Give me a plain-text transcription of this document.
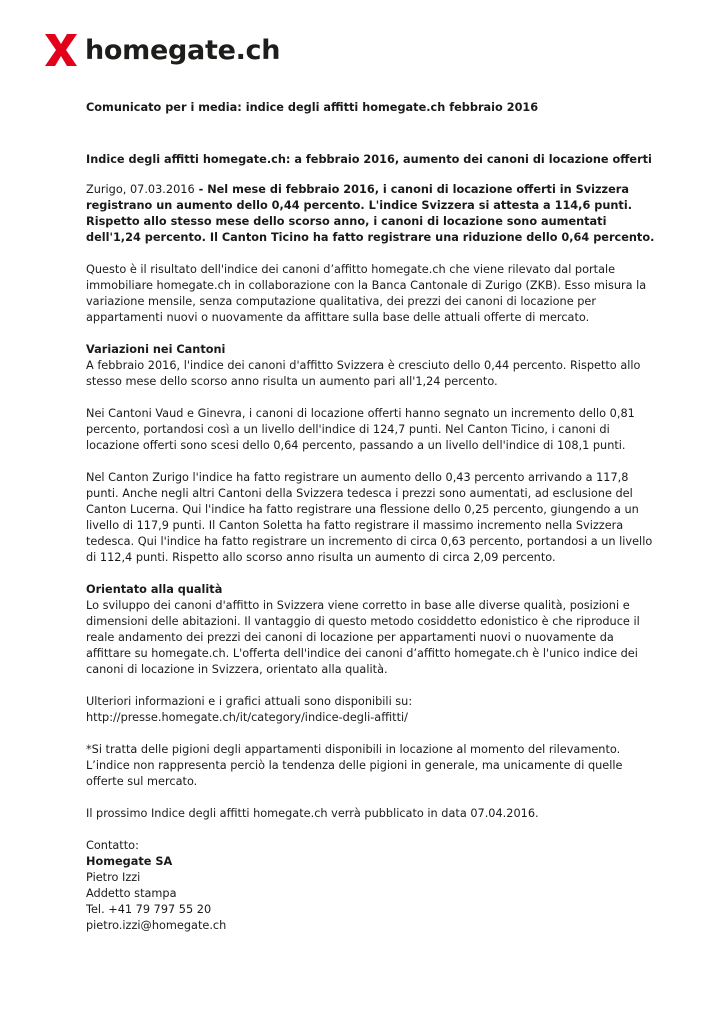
homegate.ch

Comunicato per i media: indice degli affitti homegate.ch febbraio 2016

Indice degli affitti homegate.ch: a febbraio 2016, aumento dei canoni di locazione offerti

Zurigo, 07.03.2016 - Nel mese di febbraio 2016, i canoni di locazione offerti in Svizzera registrano un aumento dello 0,44 percento. L'indice Svizzera si attesta a 114,6 punti. Rispetto allo stesso mese dello scorso anno, i canoni di locazione sono aumentati dell'1,24 percento. Il Canton Ticino ha fatto registrare una riduzione dello 0,64 percento.

Questo è il risultato dell'indice dei canoni d’affitto homegate.ch che viene rilevato dal portale immobiliare homegate.ch in collaborazione con la Banca Cantonale di Zurigo (ZKB). Esso misura la variazione mensile, senza computazione qualitativa, dei prezzi dei canoni di locazione per appartamenti nuovi o nuovamente da affittare sulla base delle attuali offerte di mercato.

Variazioni nei Cantoni

A febbraio 2016, l'indice dei canoni d'affitto Svizzera è cresciuto dello 0,44 percento. Rispetto allo stesso mese dello scorso anno risulta un aumento pari all'1,24 percento.

Nei Cantoni Vaud e Ginevra, i canoni di locazione offerti hanno segnato un incremento dello 0,81 percento, portandosi così a un livello dell'indice di 124,7 punti. Nel Canton Ticino, i canoni di locazione offerti sono scesi dello 0,64 percento, passando a un livello dell'indice di 108,1 punti.

Nel Canton Zurigo l'indice ha fatto registrare un aumento dello 0,43 percento arrivando a 117,8 punti. Anche negli altri Cantoni della Svizzera tedesca i prezzi sono aumentati, ad esclusione del Canton Lucerna. Qui l'indice ha fatto registrare una flessione dello 0,25 percento, giungendo a un livello di 117,9 punti. Il Canton Soletta ha fatto registrare il massimo incremento nella Svizzera tedesca. Qui l'indice ha fatto registrare un incremento di circa 0,63 percento, portandosi a un livello di 112,4 punti. Rispetto allo scorso anno risulta un aumento di circa 2,09 percento.

Orientato alla qualità

Lo sviluppo dei canoni d'affitto in Svizzera viene corretto in base alle diverse qualità, posizioni e dimensioni delle abitazioni. Il vantaggio di questo metodo cosiddetto edonistico è che riproduce il reale andamento dei prezzi dei canoni di locazione per appartamenti nuovi o nuovamente da affittare su homegate.ch. L'offerta dell'indice dei canoni d’affitto homegate.ch è l'unico indice dei canoni di locazione in Svizzera, orientato alla qualità.

Ulteriori informazioni e i grafici attuali sono disponibili su: http://presse.homegate.ch/it/category/indice-degli-affitti/

*Si tratta delle pigioni degli appartamenti disponibili in locazione al momento del rilevamento. L’indice non rappresenta perciò la tendenza delle pigioni in generale, ma unicamente di quelle offerte sul mercato.

Il prossimo Indice degli affitti homegate.ch verrà pubblicato in data 07.04.2016.

Contatto:

Homegate SA

Pietro Izzi

Addetto stampa

Tel. +41 79 797 55 20

pietro.izzi@homegate.ch
